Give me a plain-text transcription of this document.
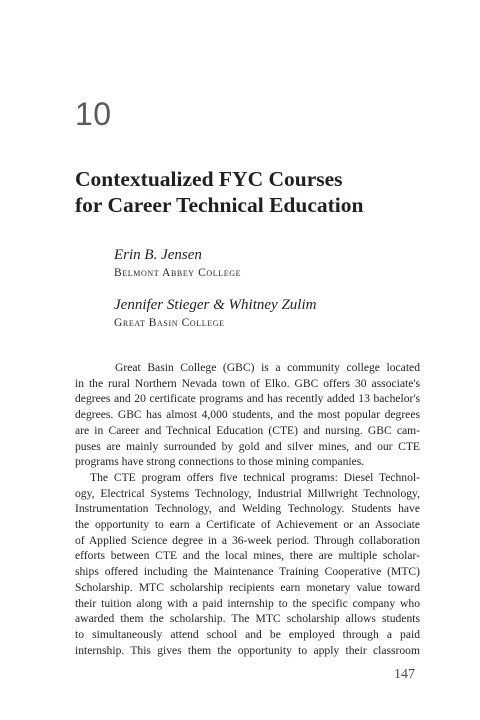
10
Contextualized FYC Courses
for Career Technical Education
Erin B. Jensen
Belmont Abbey College
Jennifer Stieger & Whitney Zulim
Great Basin College
Great Basin College (GBC) is a community college located
in the rural Northern Nevada town of Elko. GBC offers 30 associate's
degrees and 20 certificate programs and has recently added 13 bachelor's
degrees. GBC has almost 4,000 students, and the most popular degrees
are in Career and Technical Education (CTE) and nursing. GBC cam-
puses are mainly surrounded by gold and silver mines, and our CTE
programs have strong connections to those mining companies.
The CTE program offers five technical programs: Diesel Technol-
ogy, Electrical Systems Technology, Industrial Millwright Technology,
Instrumentation Technology, and Welding Technology. Students have
the opportunity to earn a Certificate of Achievement or an Associate
of Applied Science degree in a 36-week period. Through collaboration
efforts between CTE and the local mines, there are multiple scholar-
ships offered including the Maintenance Training Cooperative (MTC)
Scholarship. MTC scholarship recipients earn monetary value toward
their tuition along with a paid internship to the specific company who
awarded them the scholarship. The MTC scholarship allows students
to simultaneously attend school and be employed through a paid
internship. This gives them the opportunity to apply their classroom
147
